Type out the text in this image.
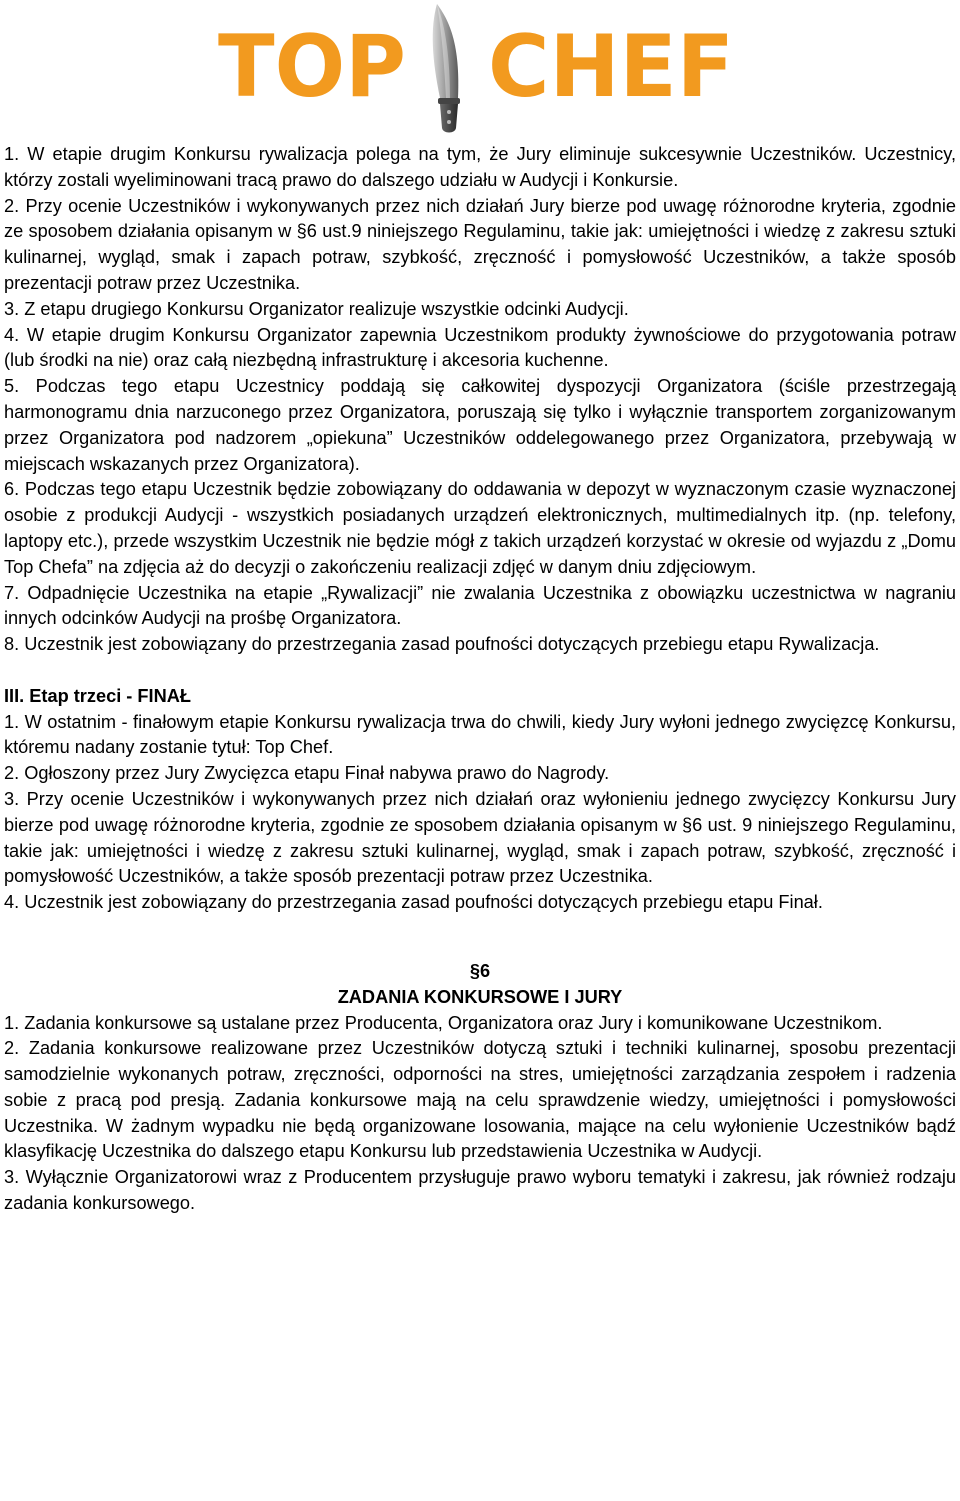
TOP CHEF

1. W etapie drugim Konkursu rywalizacja polega na tym, że Jury eliminuje sukcesywnie Uczestników. Uczestnicy, którzy zostali wyeliminowani tracą prawo do dalszego udziału w Audycji i Konkursie.

2. Przy ocenie Uczestników i wykonywanych przez nich działań Jury bierze pod uwagę różnorodne kryteria, zgodnie ze sposobem działania opisanym w §6 ust.9 niniejszego Regulaminu, takie jak: umiejętności i wiedzę z zakresu sztuki kulinarnej, wygląd, smak i zapach potraw, szybkość, zręczność i pomysłowość Uczestników, a także sposób prezentacji potraw przez Uczestnika.

3. Z etapu drugiego Konkursu Organizator realizuje wszystkie odcinki Audycji.

4. W etapie drugim Konkursu Organizator zapewnia Uczestnikom produkty żywnościowe do przygotowania potraw (lub środki na nie) oraz całą niezbędną infrastrukturę i akcesoria kuchenne.

5. Podczas tego etapu Uczestnicy poddają się całkowitej dyspozycji Organizatora (ściśle przestrzegają harmonogramu dnia narzuconego przez Organizatora, poruszają się tylko i wyłącznie transportem zorganizowanym przez Organizatora pod nadzorem „opiekuna” Uczestników oddelegowanego przez Organizatora, przebywają w miejscach wskazanych przez Organizatora).

6. Podczas tego etapu Uczestnik będzie zobowiązany do oddawania w depozyt w wyznaczonym czasie wyznaczonej osobie z produkcji Audycji - wszystkich posiadanych urządzeń elektronicznych, multimedialnych itp. (np. telefony, laptopy etc.), przede wszystkim Uczestnik nie będzie mógł z takich urządzeń korzystać w okresie od wyjazdu z „Domu Top Chefa” na zdjęcia aż do decyzji o zakończeniu realizacji zdjęć w danym dniu zdjęciowym.

7. Odpadnięcie Uczestnika na etapie „Rywalizacji” nie zwalania Uczestnika z obowiązku uczestnictwa w nagraniu innych odcinków Audycji na prośbę Organizatora.

8. Uczestnik jest zobowiązany do przestrzegania zasad poufności dotyczących przebiegu etapu Rywalizacja.

III. Etap trzeci - FINAŁ

1. W ostatnim - finałowym etapie Konkursu rywalizacja trwa do chwili, kiedy Jury wyłoni jednego zwycięzcę Konkursu, któremu nadany zostanie tytuł: Top Chef.

2. Ogłoszony przez Jury Zwycięzca etapu Finał nabywa prawo do Nagrody.

3. Przy ocenie Uczestników i wykonywanych przez nich działań oraz wyłonieniu jednego zwycięzcy Konkursu Jury bierze pod uwagę różnorodne kryteria, zgodnie ze sposobem działania opisanym w §6 ust. 9 niniejszego Regulaminu, takie jak: umiejętności i wiedzę z zakresu sztuki kulinarnej, wygląd, smak i zapach potraw, szybkość, zręczność i pomysłowość Uczestników, a także sposób prezentacji potraw przez Uczestnika.

4. Uczestnik jest zobowiązany do przestrzegania zasad poufności dotyczących przebiegu etapu Finał.

§6

ZADANIA KONKURSOWE I JURY

1. Zadania konkursowe są ustalane przez Producenta, Organizatora oraz Jury i komunikowane Uczestnikom.

2. Zadania konkursowe realizowane przez Uczestników dotyczą sztuki i techniki kulinarnej, sposobu prezentacji samodzielnie wykonanych potraw, zręczności, odporności na stres, umiejętności zarządzania zespołem i radzenia sobie z pracą pod presją. Zadania konkursowe mają na celu sprawdzenie wiedzy, umiejętności i pomysłowości Uczestnika. W żadnym wypadku nie będą organizowane losowania, mające na celu wyłonienie Uczestników bądź klasyfikację Uczestnika do dalszego etapu Konkursu lub przedstawienia Uczestnika w Audycji.

3. Wyłącznie Organizatorowi wraz z Producentem przysługuje prawo wyboru tematyki i zakresu, jak również rodzaju zadania konkursowego.
